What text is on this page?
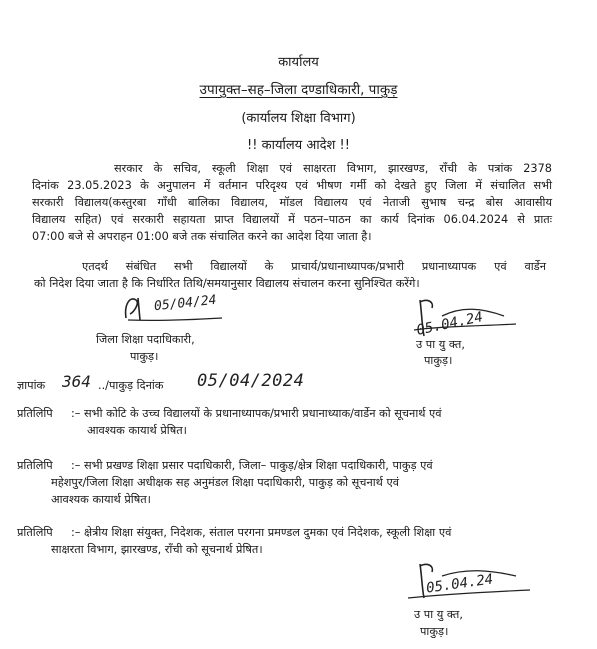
कार्यालय
उपायुक्त–सह–जिला दण्डाधिकारी, पाकुड़
(कार्यालय शिक्षा विभाग)
!! कार्यालय आदेश !!
सरकार के सचिव, स्कूली शिक्षा एवं साक्षरता विभाग, झारखण्ड, राँची के पत्रांक 2378
दिनांक 23.05.2023 के अनुपालन में वर्तमान परिदृश्य एवं भीषण गर्मी को देखते हुए जिला में संचालित सभी
सरकारी विद्यालय(कस्तुरबा गाँधी बालिका विद्यालय, मॉडल विद्यालय एवं नेताजी सुभाष चन्द्र बोस आवासीय
विद्यालय सहित) एवं सरकारी सहायता प्राप्त विद्यालयों में पठन–पाठन का कार्य दिनांक 06.04.2024 से प्रातः
07:00 बजे से अपराहन 01:00 बजे तक संचालित करने का आदेश दिया जाता है।
एतदर्थ संबंधित सभी विद्यालयों के प्राचार्य/प्रधानाध्यापक/प्रभारी प्रधानाध्यापक एवं वार्डेन
को निदेश दिया जाता है कि निर्धारित तिथि/समयानुसार विद्यालय संचालन करना सुनिश्चित करेंगे।
05/04/24
जिला शिक्षा पदाधिकारी,
पाकुड़।
05.04.24
उ पा यु क्त,
पाकुड़।
ज्ञापांक 364 ../पाकुड़ दिनांक 05/04/2024
प्रतिलिपि :– सभी कोटि के उच्च विद्यालयों के प्रधानाध्यापक/प्रभारी प्रधानाध्याक/वार्डेन को सूचनार्थ एवं
आवश्यक कायार्थ प्रेषित।
प्रतिलिपि :– सभी प्रखण्ड शिक्षा प्रसार पदाधिकारी, जिला– पाकुड़/क्षेत्र शिक्षा पदाधिकारी, पाकुड़ एवं
महेशपुर/जिला शिक्षा अधीक्षक सह अनुमंडल शिक्षा पदाधिकारी, पाकुड़ को सूचनार्थ एवं
आवश्यक कायार्थ प्रेषित।
प्रतिलिपि :– क्षेत्रीय शिक्षा संयुक्त, निदेशक, संताल परगना प्रमण्डल दुमका एवं निदेशक, स्कूली शिक्षा एवं
साक्षरता विभाग, झारखण्ड, राँची को सूचनार्थ प्रेषित।
05.04.24
उ पा यु क्त,
पाकुड़।
